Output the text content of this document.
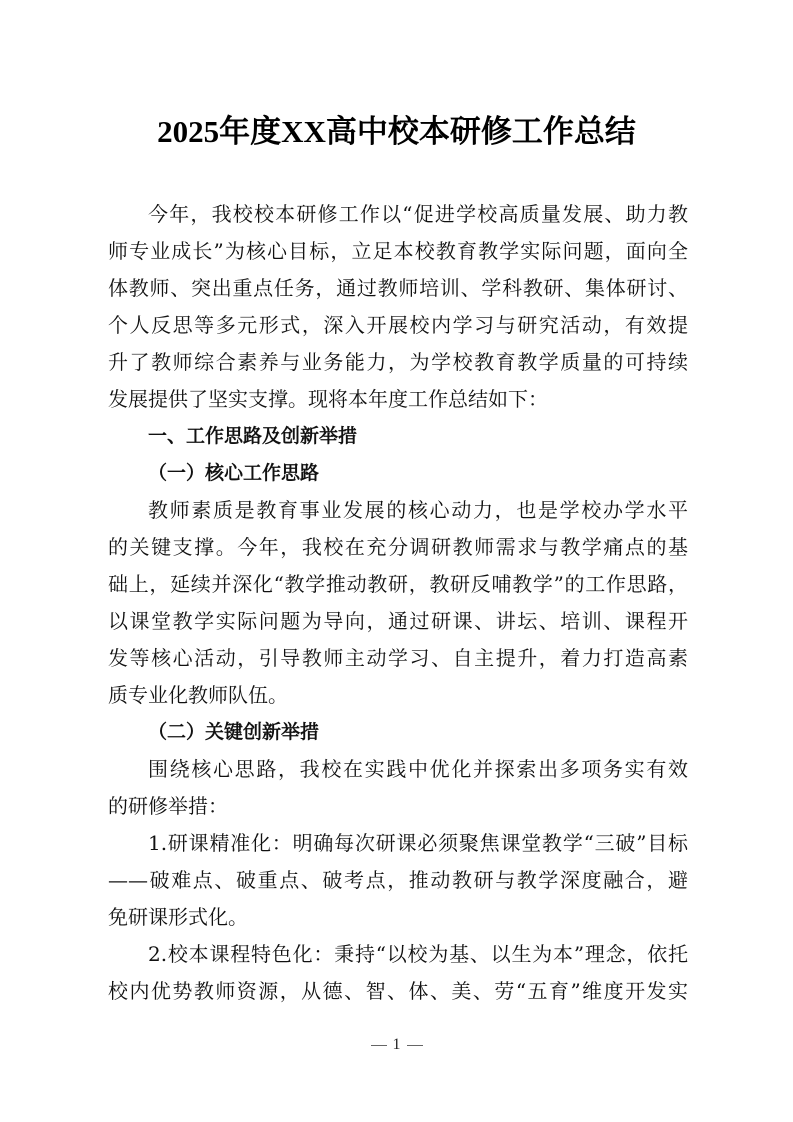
2025年度XX高中校本研修工作总结
今年，我校校本研修工作以“促进学校高质量发展、助力教
师专业成长”为核心目标，立足本校教育教学实际问题，面向全
体教师、突出重点任务，通过教师培训、学科教研、集体研讨、
个人反思等多元形式，深入开展校内学习与研究活动，有效提
升了教师综合素养与业务能力，为学校教育教学质量的可持续
发展提供了坚实支撑。现将本年度工作总结如下：
一、工作思路及创新举措
（一）核心工作思路
教师素质是教育事业发展的核心动力，也是学校办学水平
的关键支撑。今年，我校在充分调研教师需求与教学痛点的基
础上，延续并深化“教学推动教研，教研反哺教学”的工作思路，
以课堂教学实际问题为导向，通过研课、讲坛、培训、课程开
发等核心活动，引导教师主动学习、自主提升，着力打造高素
质专业化教师队伍。
（二）关键创新举措
围绕核心思路，我校在实践中优化并探索出多项务实有效
的研修举措：
1.研课精准化：明确每次研课必须聚焦课堂教学“三破”目标
——破难点、破重点、破考点，推动教研与教学深度融合，避
免研课形式化。
2.校本课程特色化：秉持“以校为基、以生为本”理念，依托
校内优势教师资源，从德、智、体、美、劳“五育”维度开发实
1
